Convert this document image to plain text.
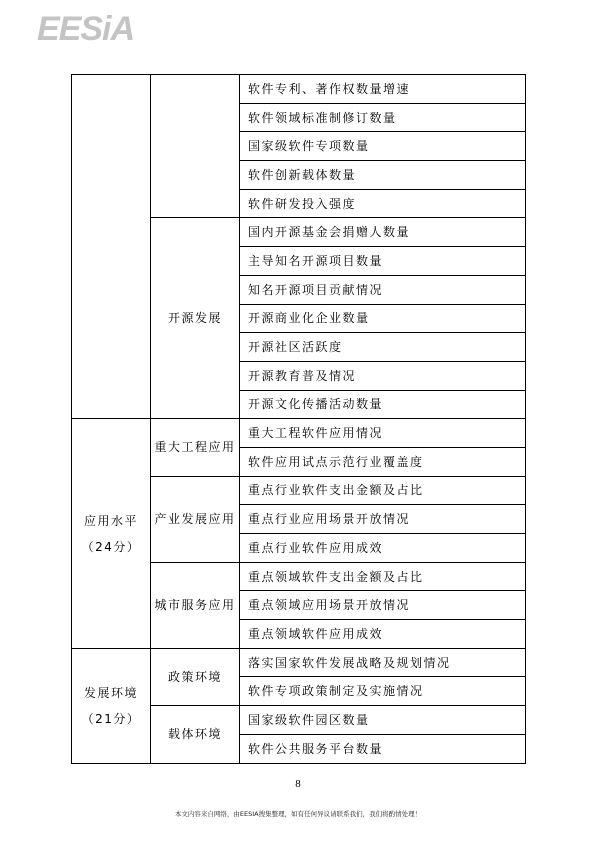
EESiA
		软件专利、著作权数量增速
		软件领域标准制修订数量
		国家级软件专项数量
		软件创新载体数量
		软件研发投入强度
	开源发展	国内开源基金会捐赠人数量
		主导知名开源项目数量
		知名开源项目贡献情况
		开源商业化企业数量
		开源社区活跃度
		开源教育普及情况
		开源文化传播活动数量
应用水平
（24分）	重大工程应用	重大工程软件应用情况
		软件应用试点示范行业覆盖度
	产业发展应用	重点行业软件支出金额及占比
		重点行业应用场景开放情况
		重点行业软件应用成效
	城市服务应用	重点领域软件支出金额及占比
		重点领域应用场景开放情况
		重点领域软件应用成效
发展环境
（21分）	政策环境	落实国家软件发展战略及规划情况
		软件专项政策制定及实施情况
	载体环境	国家级软件园区数量
		软件公共服务平台数量
8
本文内容来自网络，由EESIA搜集整理，如有任何异议请联系我们，我们将酌情处理！
